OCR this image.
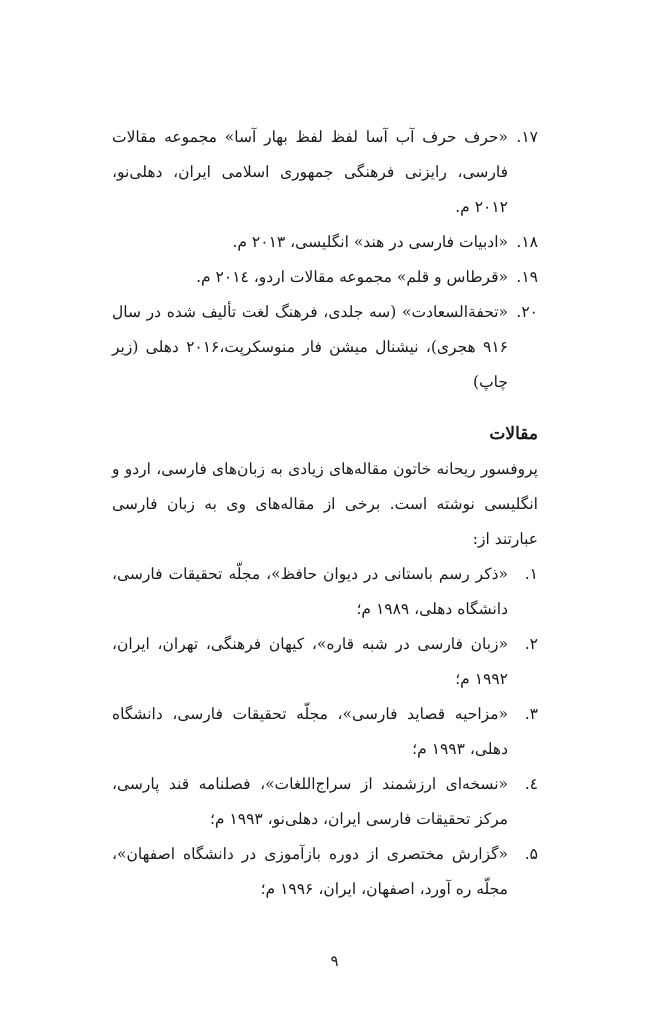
۱۷.
«حرف حرف آب آسا لفظ لفظ بهار آسا» مجموعه مقالات فارسی، رایزنی فرهنگی جمهوری اسلامی ایران، دهلی‌نو، ۲۰۱۲ م.
۱۸.
«ادبیات فارسی در هند» انگلیسی، ۲۰۱۳ م.
۱۹.
«قرطاس و قلم» مجموعه مقالات اردو، ۲۰۱٤ م.
۲۰.
«تحفةالسعادت» (سه جلدی، فرهنگ لغت تألیف شده در سال ۹۱۶ هجری)، نیشنال میشن فار منوسکرپت،۲۰۱۶ دهلی (زیر چاپ)
مقالات

پروفسور ریحانه خاتون مقاله‌های زیادی به زبان‌های فارسی، اردو و انگلیسی نوشته است. برخی از مقاله‌های وی به زبان فارسی عبارتند از:

۱.
«ذکر رسم باستانی در دیوان حافظ»، مجلّه تحقیقات فارسی، دانشگاه دهلی، ۱۹۸۹ م؛
۲.
«زبان فارسی در شبه قاره»، کیهان فرهنگی، تهران، ایران، ۱۹۹۲ م؛
۳.
«مزاحیه قصاید فارسی»، مجلّه تحقیقات فارسی، دانشگاه دهلی، ۱۹۹۳ م؛
٤.
«نسخه‌ای ارزشمند از سراج‌اللغات»، فصلنامه قند پارسی، مرکز تحقیقات فارسی ایران، دهلی‌نو، ۱۹۹۳ م؛
۵.
«گزارش مختصری از دوره بازآموزی در دانشگاه اصفهان»، مجلّه ره آورد، اصفهان، ایران، ۱۹۹۶ م؛
۹
